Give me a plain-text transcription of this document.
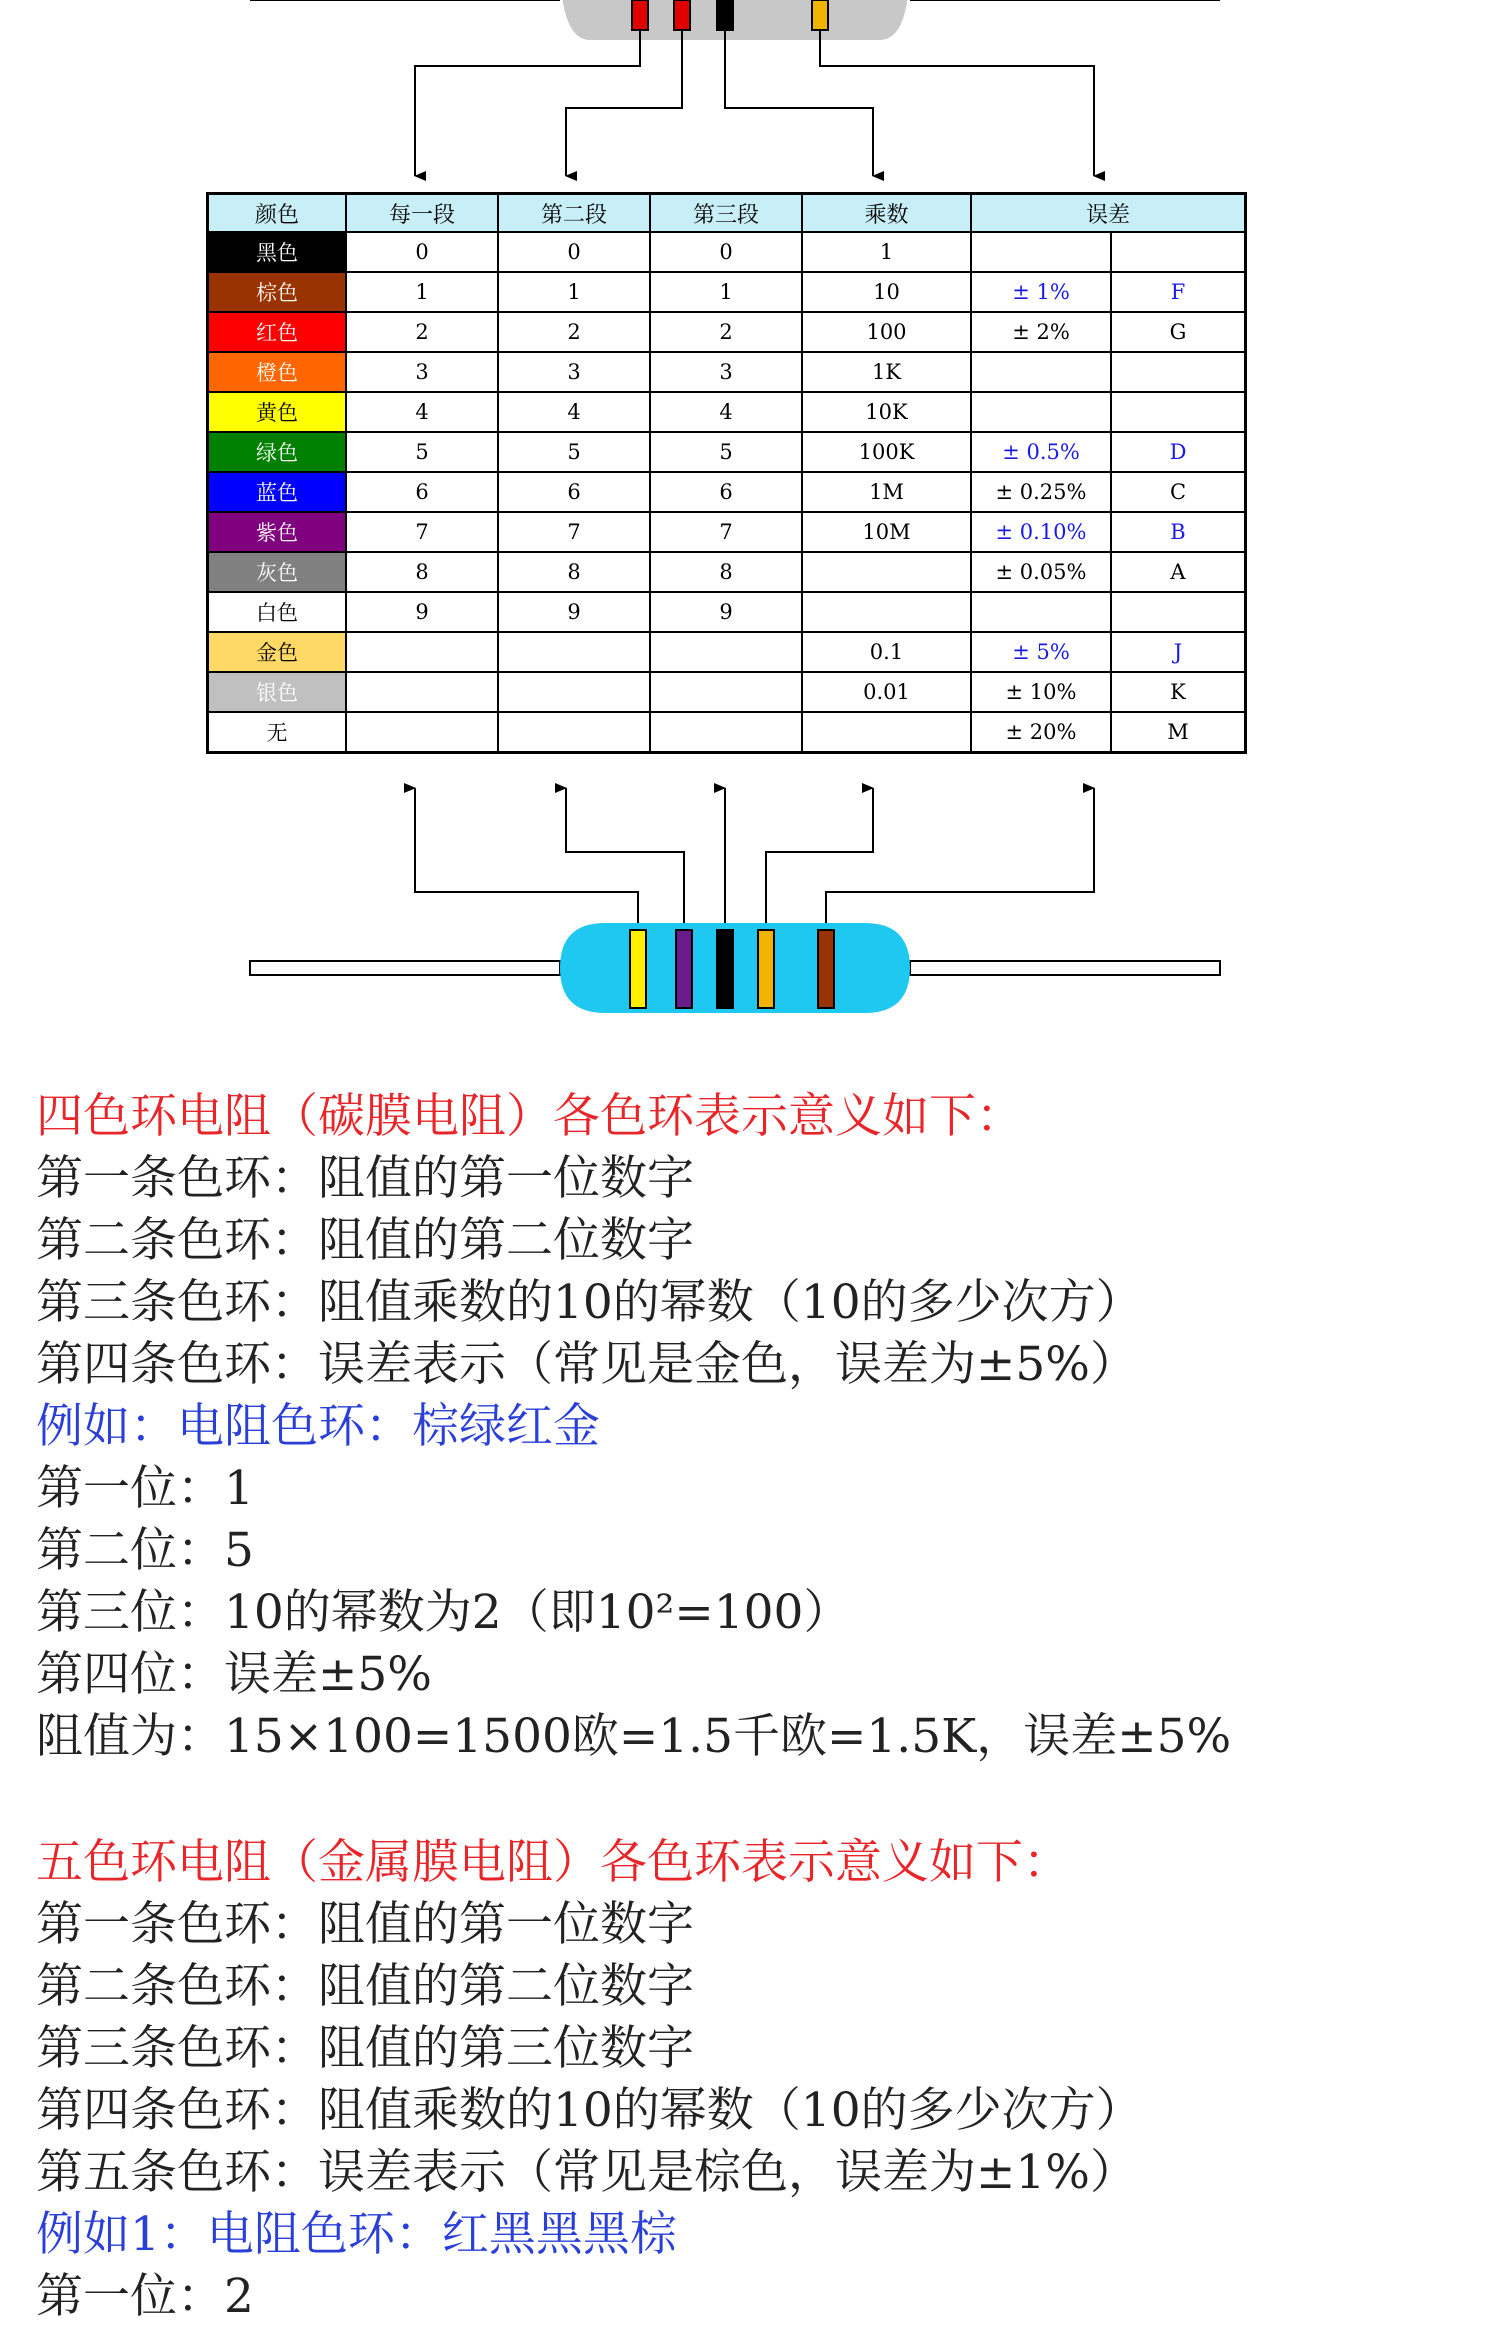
颜色	每一段	第二段	第三段	乘数	误差	
黑色	0	0	0	1		
棕色	1	1	1	10	± 1%	F
红色	2	2	2	100	± 2%	G
橙色	3	3	3	1K		
黄色	4	4	4	10K		
绿色	5	5	5	100K	± 0.5%	D
蓝色	6	6	6	1M	± 0.25%	C
紫色	7	7	7	10M	± 0.10%	B
灰色	8	8	8		± 0.05%	A
白色	9	9	9			
金色				0.1	± 5%	J
银色				0.01	± 10%	K
无					± 20%	M
四色环电阻（碳膜电阻）各色环表示意义如下：
第一条色环：阻值的第一位数字
第二条色环：阻值的第二位数字
第三条色环：阻值乘数的10的幂数（10的多少次方）
第四条色环：误差表示（常见是金色，误差为±5%）
例如：电阻色环：棕绿红金
第一位：1
第二位：5
第三位：10的幂数为2（即10²=100）
第四位：误差±5%
阻值为：15×100=1500欧=1.5千欧=1.5K，误差±5%
五色环电阻（金属膜电阻）各色环表示意义如下：
第一条色环：阻值的第一位数字
第二条色环：阻值的第二位数字
第三条色环：阻值的第三位数字
第四条色环：阻值乘数的10的幂数（10的多少次方）
第五条色环：误差表示（常见是棕色，误差为±1%）
例如1：电阻色环：红黑黑黑棕
第一位：2
